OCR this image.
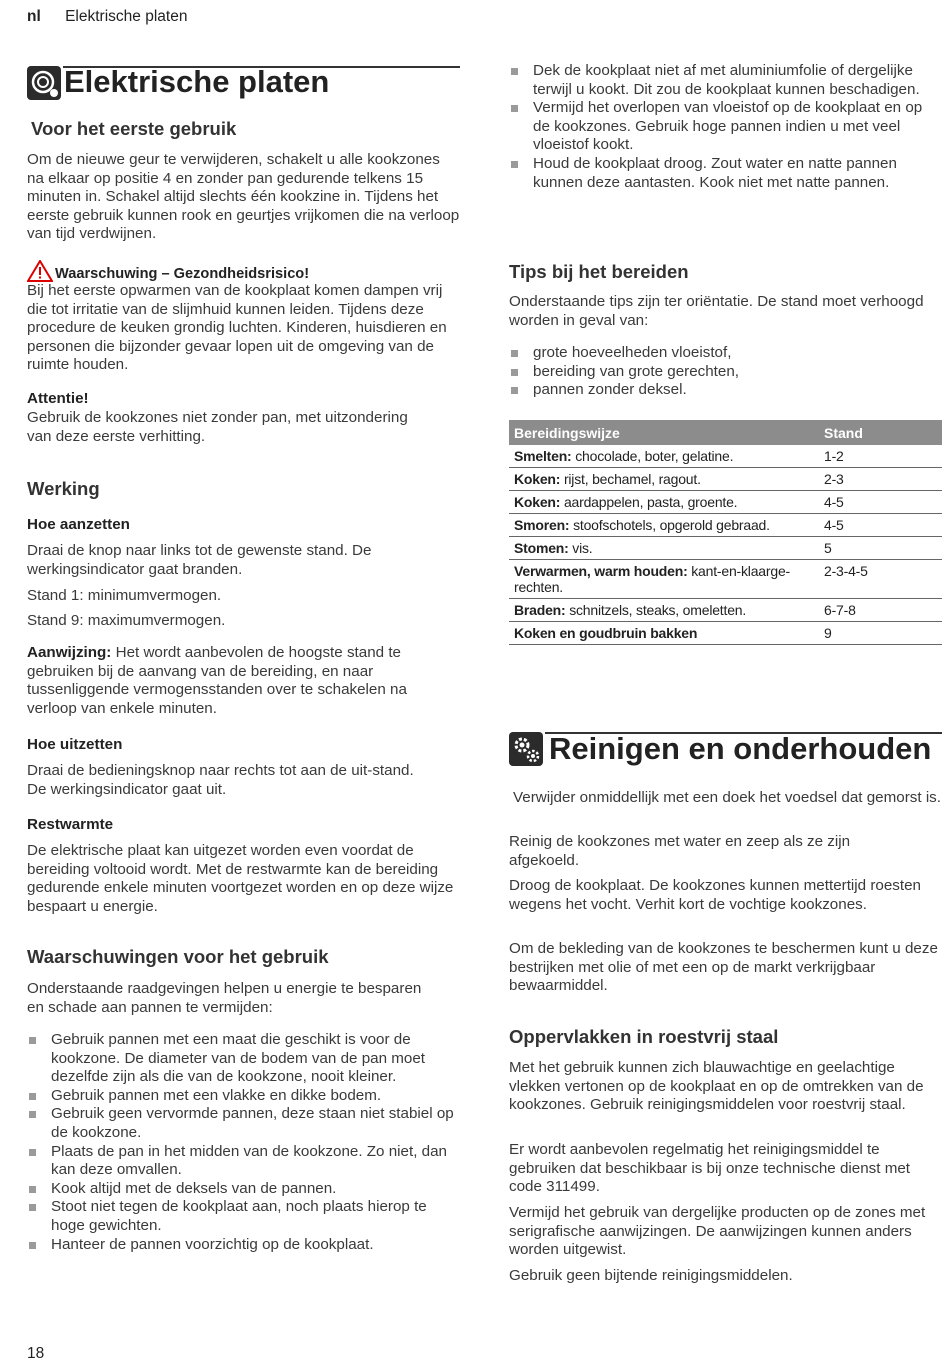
nl Elektrische platen
Elektrische platen
Voor het eerste gebruik

Om de nieuwe geur te verwijderen, schakelt u alle kookzones na elkaar op positie 4 en zonder pan gedurende telkens 15 minuten in. Schakel altijd slechts één kookzine in. Tijdens het eerste gebruik kunnen rook en geurtjes vrijkomen die na verloop van tijd verdwijnen.

Waarschuwing – Gezondheidsrisico!

Bij het eerste opwarmen van de kookplaat komen dampen vrij die tot irritatie van de slijmhuid kunnen leiden. Tijdens deze procedure de keuken grondig luchten. Kinderen, huisdieren en personen die bijzonder gevaar lopen uit de omgeving van de ruimte houden.

Attentie!

Gebruik de kookzones niet zonder pan, met uitzondering van deze eerste verhitting.

Werking
Hoe aanzetten

Draai de knop naar links tot de gewenste stand. De werkingsindicator gaat branden.

Stand 1: minimumvermogen.

Stand 9: maximumvermogen.

Aanwijzing: Het wordt aanbevolen de hoogste stand te gebruiken bij de aanvang van de bereiding, en naar tussenliggende vermogensstanden over te schakelen na verloop van enkele minuten.

Hoe uitzetten

Draai de bedieningsknop naar rechts tot aan de uit-stand. De werkingsindicator gaat uit.

Restwarmte

De elektrische plaat kan uitgezet worden even voordat de bereiding voltooid wordt. Met de restwarmte kan de bereiding gedurende enkele minuten voortgezet worden en op deze wijze bespaart u energie.

Waarschuwingen voor het gebruik

Onderstaande raadgevingen helpen u energie te besparen en schade aan pannen te vermijden:

Gebruik pannen met een maat die geschikt is voor de kookzone. De diameter van de bodem van de pan moet dezelfde zijn als die van de kookzone, nooit kleiner.
Gebruik pannen met een vlakke en dikke bodem.
Gebruik geen vervormde pannen, deze staan niet stabiel op de kookzone.
Plaats de pan in het midden van de kookzone. Zo niet, dan kan deze omvallen.
Kook altijd met de deksels van de pannen.
Stoot niet tegen de kookplaat aan, noch plaats hierop te hoge gewichten.
Hanteer de pannen voorzichtig op de kookplaat.
Dek de kookplaat niet af met aluminiumfolie of dergelijke terwijl u kookt. Dit zou de kookplaat kunnen beschadigen.
Vermijd het overlopen van vloeistof op de kookplaat en op de kookzones. Gebruik hoge pannen indien u met veel vloeistof kookt.
Houd de kookplaat droog. Zout water en natte pannen kunnen deze aantasten. Kook niet met natte pannen.
Tips bij het bereiden

Onderstaande tips zijn ter oriëntatie. De stand moet verhoogd worden in geval van:

grote hoeveelheden vloeistof,
bereiding van grote gerechten,
pannen zonder deksel.
Bereidingswijze	Stand
Smelten: chocolade, boter, gelatine.	1-2
Koken: rijst, bechamel, ragout.	2-3
Koken: aardappelen, pasta, groente.	4-5
Smoren: stoofschotels, opgerold gebraad.	4-5
Stomen: vis.	5
Verwarmen, warm houden: kant-en-klaarge-rechten.	2-3-4-5
Braden: schnitzels, steaks, omeletten.	6-7-8
Koken en goudbruin bakken	9
Reinigen en onderhouden

Verwijder onmiddellijk met een doek het voedsel dat gemorst is.

Reinig de kookzones met water en zeep als ze zijn afgekoeld.

Droog de kookplaat. De kookzones kunnen mettertijd roesten wegens het vocht. Verhit kort de vochtige kookzones.

Om de bekleding van de kookzones te beschermen kunt u deze bestrijken met olie of met een op de markt verkrijgbaar bewaarmiddel.

Oppervlakken in roestvrij staal

Met het gebruik kunnen zich blauwachtige en geelachtige vlekken vertonen op de kookplaat en op de omtrekken van de kookzones. Gebruik reinigingsmiddelen voor roestvrij staal.

Er wordt aanbevolen regelmatig het reinigingsmiddel te gebruiken dat beschikbaar is bij onze technische dienst met code 311499.

Vermijd het gebruik van dergelijke producten op de zones met serigrafische aanwijzingen. De aanwijzingen kunnen anders worden uitgewist.

Gebruik geen bijtende reinigingsmiddelen.

18
